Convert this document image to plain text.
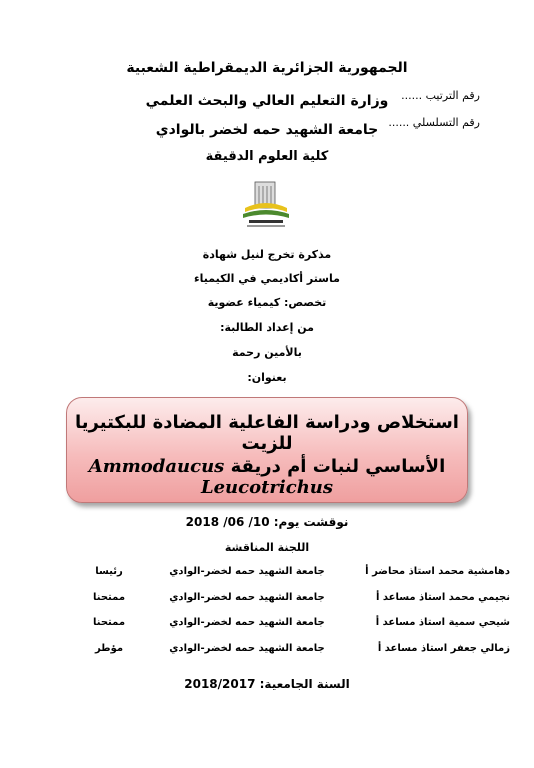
الجمهورية الجزائرية الديمقراطية الشعبية
وزارة التعليم العالي والبحث العلمي
جامعة الشهيد حمه لخضر بالوادي
كلية العلوم الدقيقة
رقم الترتيب ......
رقم التسلسلي ......
مذكرة تخرج لنيل شهادة
ماستر أكاديمي في الكيمياء
تخصص: كيمياء عضوية
من إعداد الطالبة:
بالأمين رحمة
بعنوان:
استخلاص ودراسة الفاعلية المضادة للبكتيريا للزيت
الأساسي لنبات أم دريقة Ammodaucus Leucotrichus
نوقشت يوم: 10/ 06/ 2018
اللجنة المناقشة
دهامشية محمد استاذ محاضر أ
جامعة الشهيد حمه لخضر-الوادي
رئيسا
نجيمي محمد استاذ مساعد أ
جامعة الشهيد حمه لخضر-الوادي
ممتحنا
شيحي سمية استاذ مساعد أ
جامعة الشهيد حمه لخضر-الوادي
ممتحنا
زمالي جعفر استاذ مساعد أ
جامعة الشهيد حمه لخضر-الوادي
مؤطر
السنة الجامعية: 2018/2017
